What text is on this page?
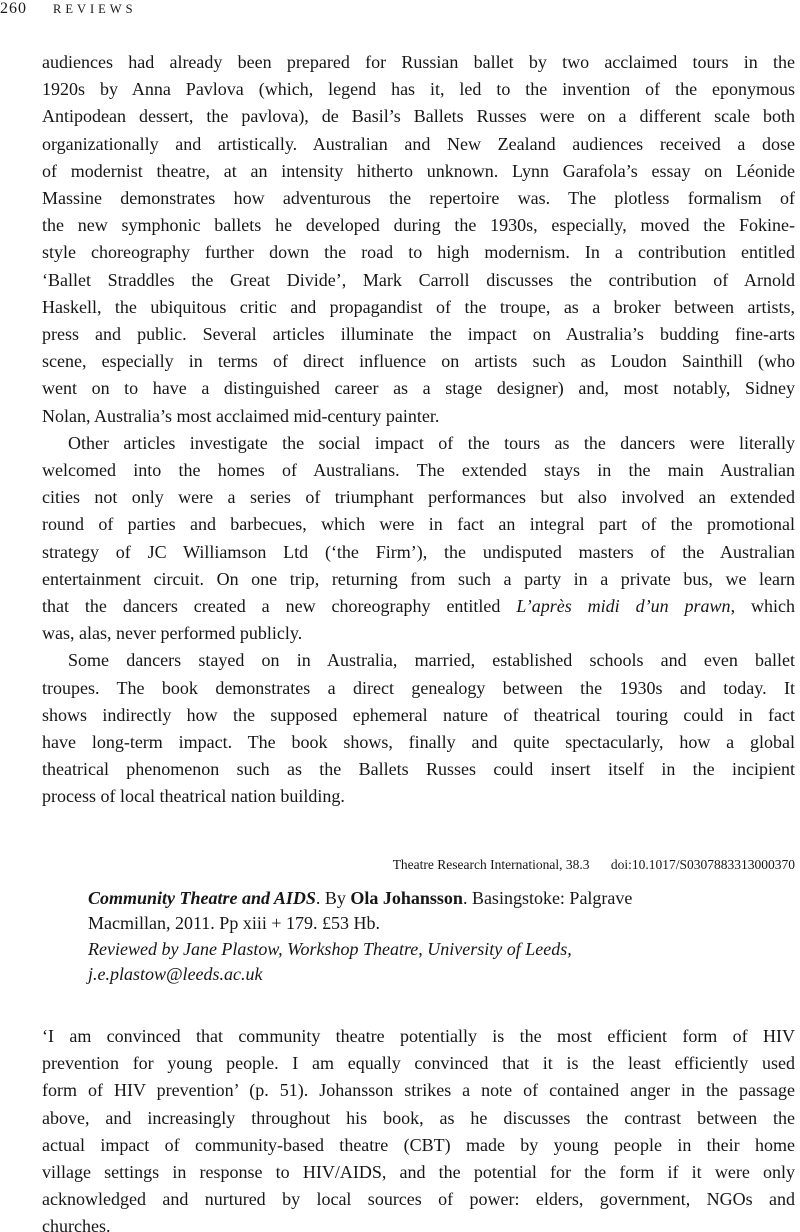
260 REVIEWS
audiences had already been prepared for Russian ballet by two acclaimed tours in the
1920s by Anna Pavlova (which, legend has it, led to the invention of the eponymous
Antipodean dessert, the pavlova), de Basil’s Ballets Russes were on a different scale both
organizationally and artistically. Australian and New Zealand audiences received a dose
of modernist theatre, at an intensity hitherto unknown. Lynn Garafola’s essay on Léonide
Massine demonstrates how adventurous the repertoire was. The plotless formalism of
the new symphonic ballets he developed during the 1930s, especially, moved the Fokine-
style choreography further down the road to high modernism. In a contribution entitled
‘Ballet Straddles the Great Divide’, Mark Carroll discusses the contribution of Arnold
Haskell, the ubiquitous critic and propagandist of the troupe, as a broker between artists,
press and public. Several articles illuminate the impact on Australia’s budding fine-arts
scene, especially in terms of direct influence on artists such as Loudon Sainthill (who
went on to have a distinguished career as a stage designer) and, most notably, Sidney
Nolan, Australia’s most acclaimed mid-century painter.
Other articles investigate the social impact of the tours as the dancers were literally
welcomed into the homes of Australians. The extended stays in the main Australian
cities not only were a series of triumphant performances but also involved an extended
round of parties and barbecues, which were in fact an integral part of the promotional
strategy of JC Williamson Ltd (‘the Firm’), the undisputed masters of the Australian
entertainment circuit. On one trip, returning from such a party in a private bus, we learn
that the dancers created a new choreography entitled L’après midi d’un prawn, which
was, alas, never performed publicly.
Some dancers stayed on in Australia, married, established schools and even ballet
troupes. The book demonstrates a direct genealogy between the 1930s and today. It
shows indirectly how the supposed ephemeral nature of theatrical touring could in fact
have long-term impact. The book shows, finally and quite spectacularly, how a global
theatrical phenomenon such as the Ballets Russes could insert itself in the incipient
process of local theatrical nation building.
Theatre Research International, 38.3 doi:10.1017/S0307883313000370
Community Theatre and AIDS. By Ola Johansson. Basingstoke: Palgrave
Macmillan, 2011. Pp xiii + 179. £53 Hb.
Reviewed by Jane Plastow, Workshop Theatre, University of Leeds,
j.e.plastow@leeds.ac.uk
‘I am convinced that community theatre potentially is the most efficient form of HIV
prevention for young people. I am equally convinced that it is the least efficiently used
form of HIV prevention’ (p. 51). Johansson strikes a note of contained anger in the passage
above, and increasingly throughout his book, as he discusses the contrast between the
actual impact of community-based theatre (CBT) made by young people in their home
village settings in response to HIV/AIDS, and the potential for the form if it were only
acknowledged and nurtured by local sources of power: elders, government, NGOs and
churches.
